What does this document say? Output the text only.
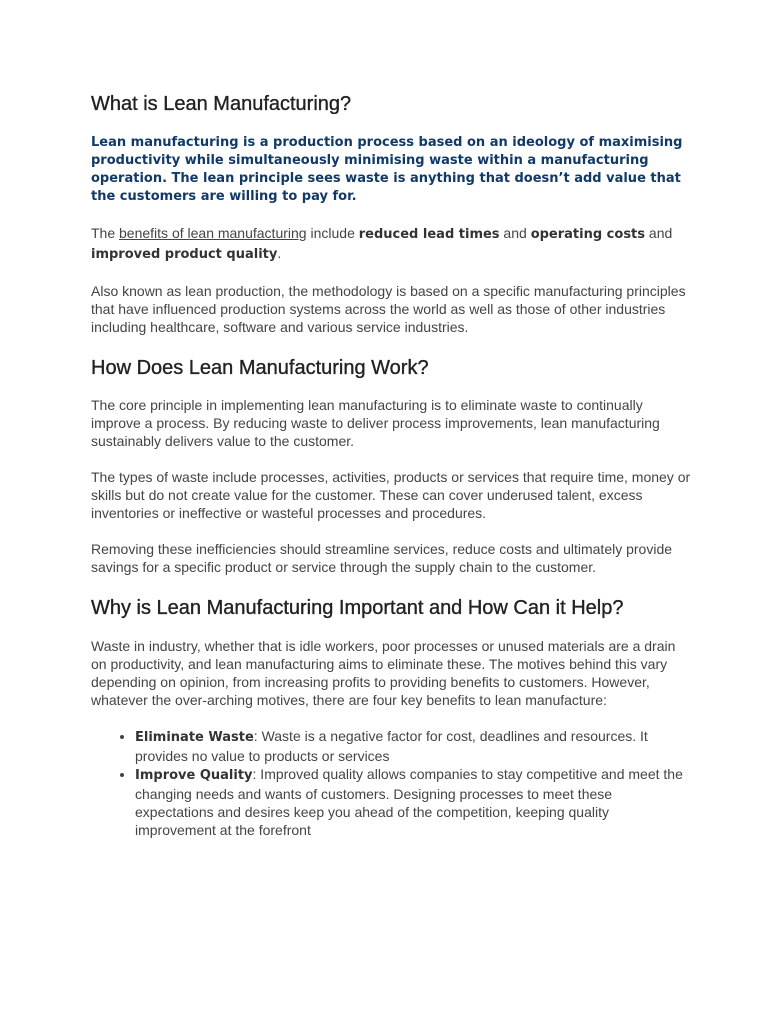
What is Lean Manufacturing?

Lean manufacturing is a production process based on an ideology of maximising productivity while simultaneously minimising waste within a manufacturing operation. The lean principle sees waste is anything that doesn’t add value that the customers are willing to pay for.

The benefits of lean manufacturing include reduced lead times and operating costs and improved product quality.

Also known as lean production, the methodology is based on a specific manufacturing principles that have influenced production systems across the world as well as those of other industries including healthcare, software and various service industries.

How Does Lean Manufacturing Work?

The core principle in implementing lean manufacturing is to eliminate waste to continually improve a process. By reducing waste to deliver process improvements, lean manufacturing sustainably delivers value to the customer.

The types of waste include processes, activities, products or services that require time, money or skills but do not create value for the customer. These can cover underused talent, excess inventories or ineffective or wasteful processes and procedures.

Removing these inefficiencies should streamline services, reduce costs and ultimately provide savings for a specific product or service through the supply chain to the customer.

Why is Lean Manufacturing Important and How Can it Help?

Waste in industry, whether that is idle workers, poor processes or unused materials are a drain on productivity, and lean manufacturing aims to eliminate these. The motives behind this vary depending on opinion, from increasing profits to providing benefits to customers. However, whatever the over-arching motives, there are four key benefits to lean manufacture:

• Eliminate Waste: Waste is a negative factor for cost, deadlines and resources. It provides no value to products or services
• Improve Quality: Improved quality allows companies to stay competitive and meet the changing needs and wants of customers. Designing processes to meet these expectations and desires keep you ahead of the competition, keeping quality improvement at the forefront
